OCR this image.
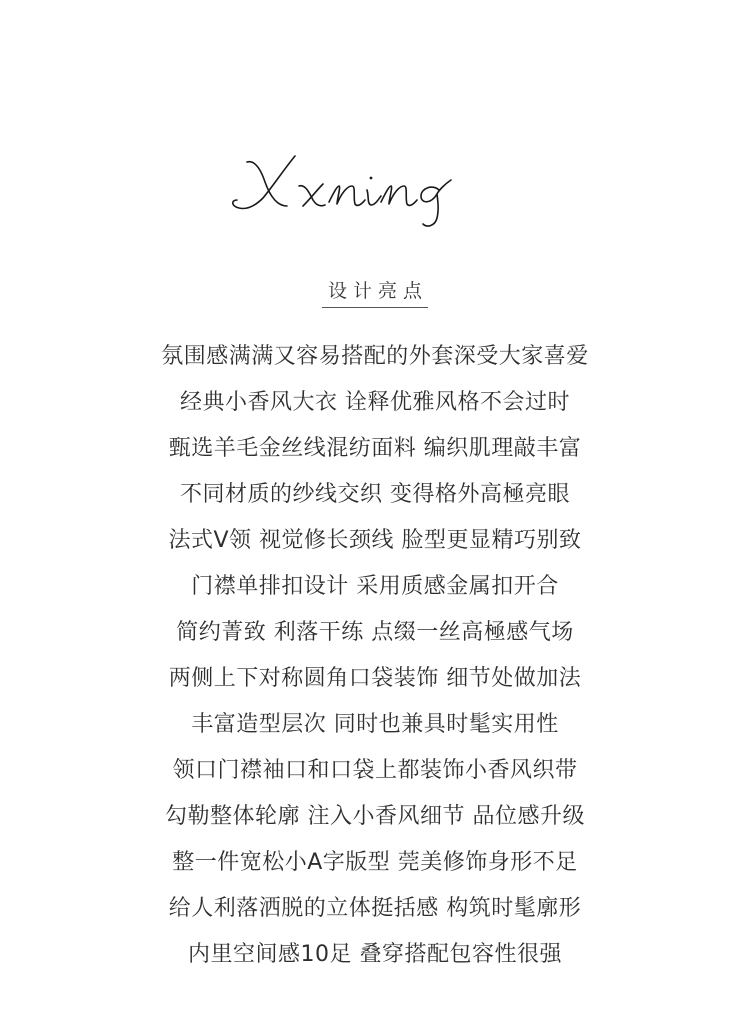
设计亮点
氛围感满满又容易搭配的外套深受大家喜爱
经典小香风大衣 诠释优雅风格不会过时
甄选羊毛金丝线混纺面料 编织肌理敲丰富
不同材质的纱线交织 变得格外高極亮眼
法式V领 视觉修长颈线 脸型更显精巧别致
门襟单排扣设计 采用质感金属扣开合
简约菁致 利落干练 点缀一丝高極感气场
两侧上下对称圆角口袋装饰 细节处做加法
丰富造型层次 同时也兼具时髦实用性
领口门襟袖口和口袋上都装饰小香风织带
勾勒整体轮廓 注入小香风细节 品位感升级
整一件宽松小A字版型 莞美修饰身形不足
给人利落洒脱的立体挺括感 构筑时髦廓形
内里空间感10足 叠穿搭配包容性很强
